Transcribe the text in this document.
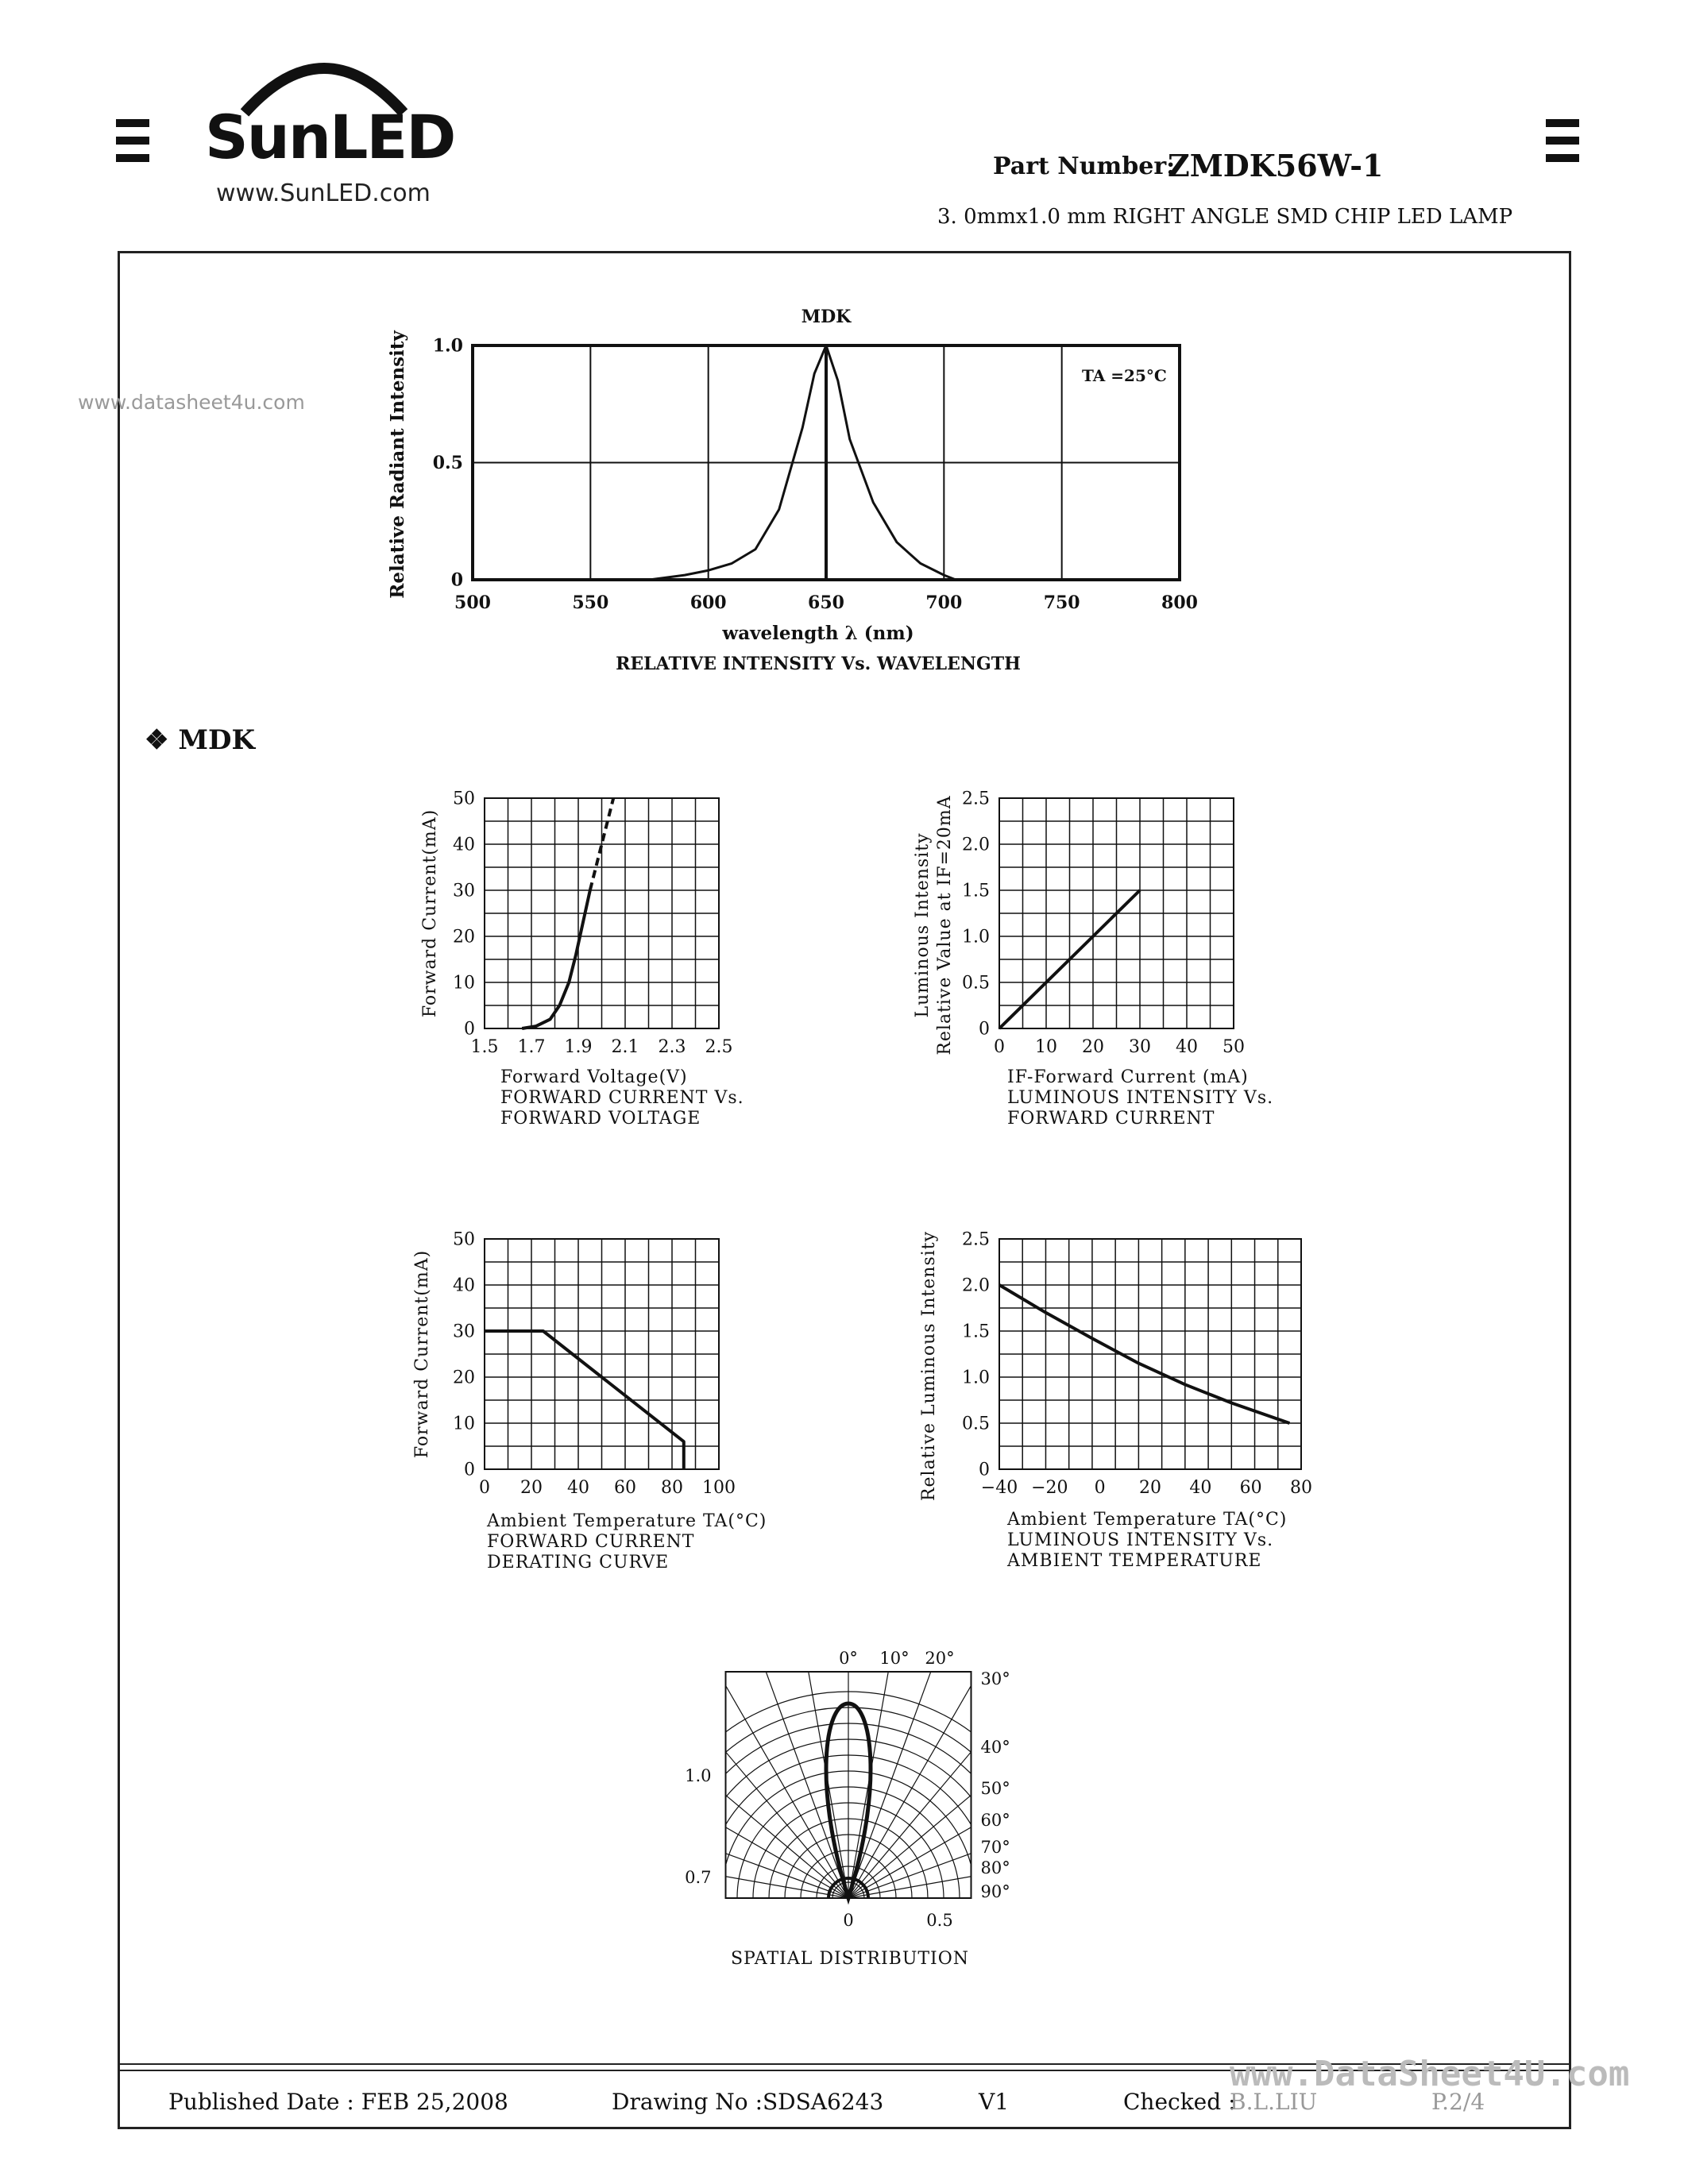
SunLED
www.SunLED.com
Part Number:
ZMDK56W-1
3. 0mmx1.0 mm RIGHT ANGLE SMD CHIP LED LAMP
www.datasheet4u.com
❖ MDK
500	550	600	650	700	750	800
0
0.5
1.0
MDK
TA =25°C
Relative Radiant Intensity
wavelength λ (nm)
RELATIVE INTENSITY Vs. WAVELENGTH
1.5 1.7 1.9 2.1 2.3 2.5
0
10
20
30
40
50
Forward Current(mA)
Forward Voltage(V)
FORWARD CURRENT Vs.
FORWARD VOLTAGE
0 10 20 30 40 50
0
0.5
1.0
1.5
2.0
2.5
Luminous Intensity Relative Value at IF=20mA
IF-Forward Current (mA)
LUMINOUS INTENSITY Vs.
FORWARD CURRENT
0 20 40 60 80 100
0
10
20
30
40
50
Forward Current(mA)
Ambient Temperature TA(°C)
FORWARD CURRENT
DERATING CURVE
−40 −20 0 20 40 60 80
0
0.5
1.0
1.5
2.0
2.5
Relative Luminous Intensity
Ambient Temperature TA(°C)
LUMINOUS INTENSITY Vs.
AMBIENT TEMPERATURE
0° 10° 20°
30°
40°
50°
60°
70°
80°
90°
1.0
0.7
0	0.5
SPATIAL DISTRIBUTION
Published Date : FEB 25,2008	Drawing No :SDSA6243	V1	Checked :
B.L.LIU	P.2/4
www.DataSheet4U.com
